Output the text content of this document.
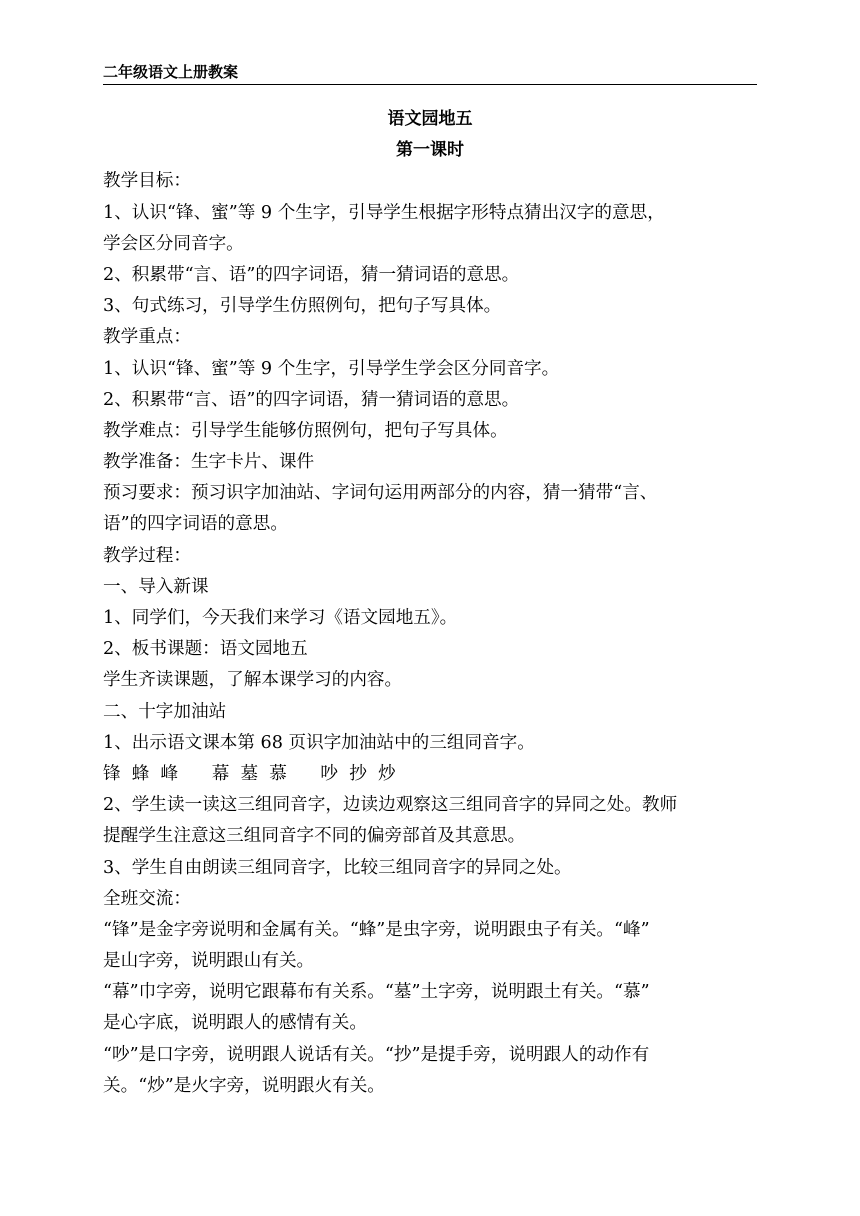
二年级语文上册教案
语文园地五
第一课时
教学目标：
1、认识“锋、蜜”等 9 个生字，引导学生根据字形特点猜出汉字的意思，
学会区分同音字。
2、积累带“言、语”的四字词语，猜一猜词语的意思。
3、句式练习，引导学生仿照例句，把句子写具体。
教学重点：
1、认识“锋、蜜”等 9 个生字，引导学生学会区分同音字。
2、积累带“言、语”的四字词语，猜一猜词语的意思。
教学难点：引导学生能够仿照例句，把句子写具体。
教学准备：生字卡片、课件
预习要求：预习识字加油站、字词句运用两部分的内容，猜一猜带“言、
语”的四字词语的意思。
教学过程：
一、导入新课
1、同学们，今天我们来学习《语文园地五》。
2、板书课题：语文园地五
学生齐读课题，了解本课学习的内容。
二、十字加油站
1、出示语文课本第 68 页识字加油站中的三组同音字。
锋  蜂  峰      幕  墓  慕      吵  抄  炒
2、学生读一读这三组同音字，边读边观察这三组同音字的异同之处。教师
提醒学生注意这三组同音字不同的偏旁部首及其意思。
3、学生自由朗读三组同音字，比较三组同音字的异同之处。
全班交流：
“锋”是金字旁说明和金属有关。“蜂”是虫字旁，说明跟虫子有关。“峰”
是山字旁，说明跟山有关。
“幕”巾字旁，说明它跟幕布有关系。“墓”土字旁，说明跟土有关。“慕”
是心字底，说明跟人的感情有关。
“吵”是口字旁，说明跟人说话有关。“抄”是提手旁，说明跟人的动作有
关。“炒”是火字旁，说明跟火有关。
